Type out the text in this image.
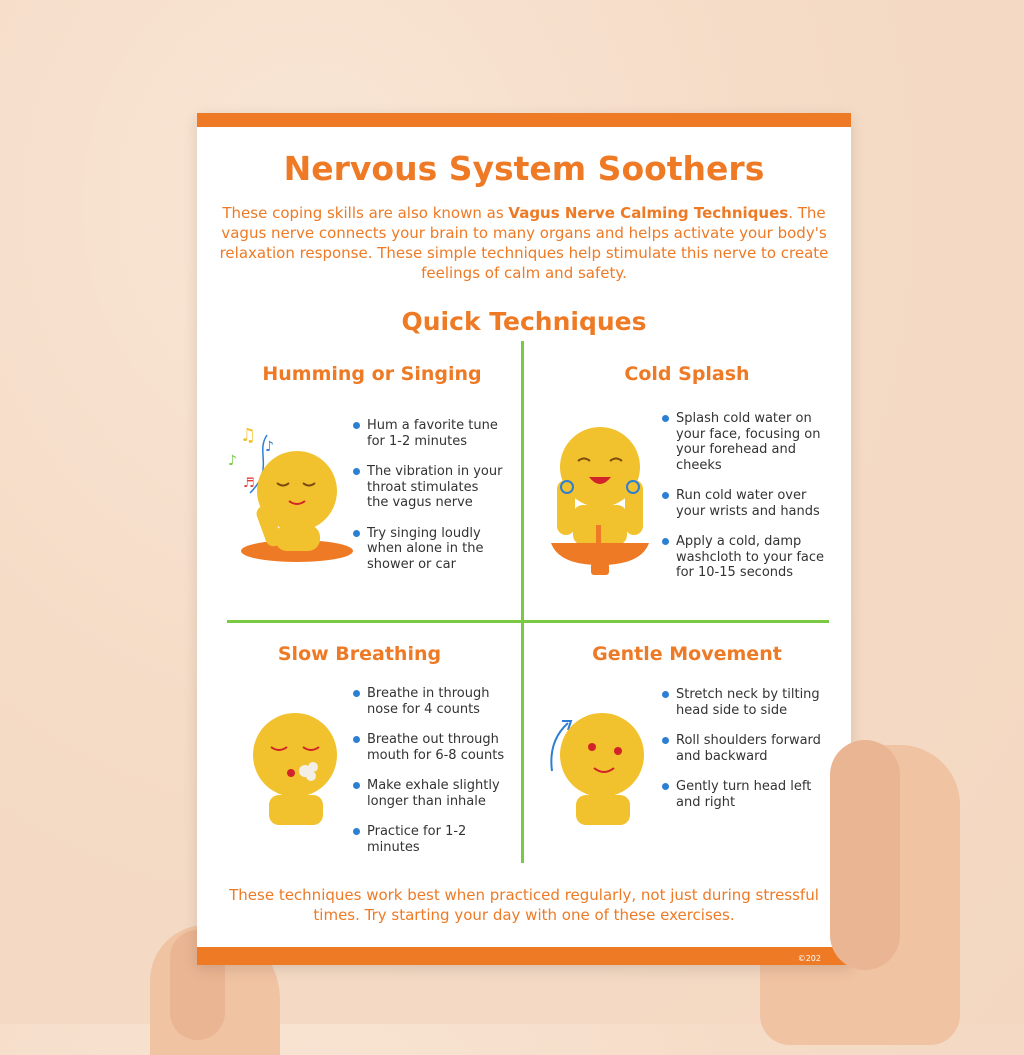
Nervous System Soothers
These coping skills are also known as Vagus Nerve Calming Techniques. The vagus nerve connects your brain to many organs and helps activate your body's relaxation response. These simple techniques help stimulate this nerve to create feelings of calm and safety.
Quick Techniques
Humming or Singing
♫
♪
♪
♬
Hum a favorite tune for 1-2 minutes
The vibration in your throat stimulates the vagus nerve
Try singing loudly when alone in the shower or car
Cold Splash
Splash cold water on your face, focusing on your forehead and cheeks
Run cold water over your wrists and hands
Apply a cold, damp washcloth to your face for 10-15 seconds
Slow Breathing
Breathe in through nose for 4 counts
Breathe out through mouth for 6-8 counts
Make exhale slightly longer than inhale
Practice for 1-2 minutes
Gentle Movement
Stretch neck by tilting head side to side
Roll shoulders forward and backward
Gently turn head left and right
These techniques work best when practiced regularly, not just during stressful times. Try starting your day with one of these exercises.
©202
